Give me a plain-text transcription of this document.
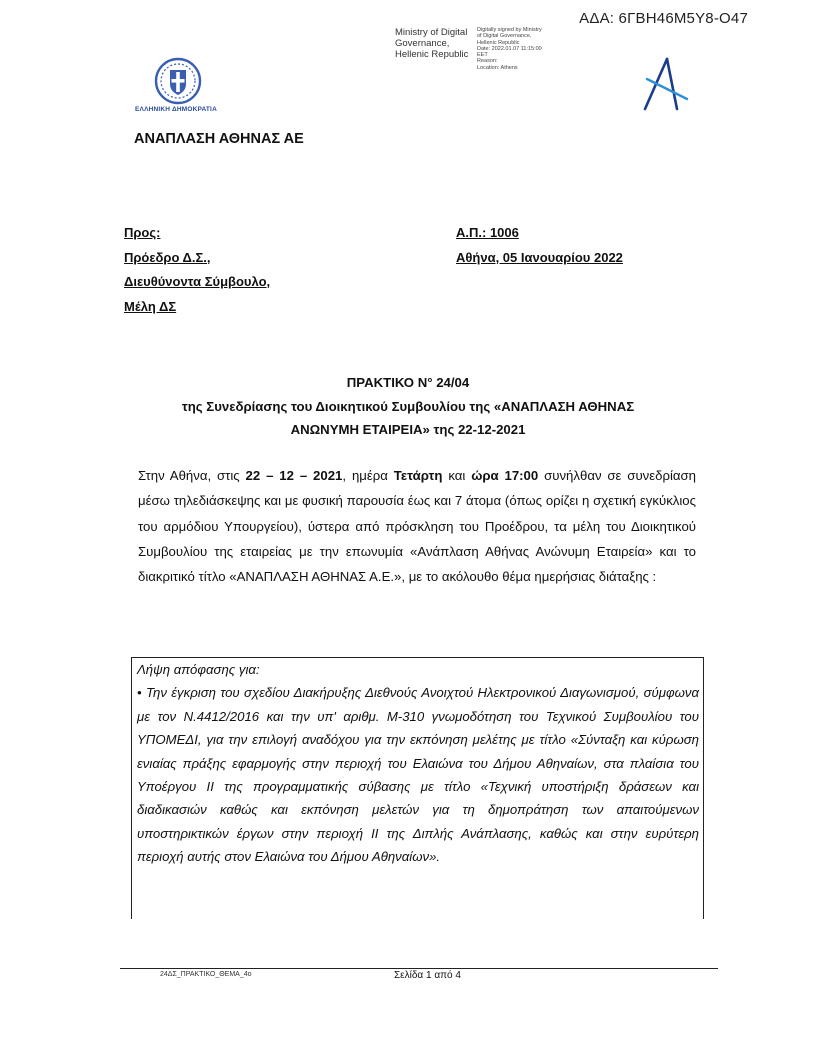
ΑΔΑ: 6ΓΒΗ46Μ5Υ8-Ο47
Ministry of Digital
Governance,
Hellenic Republic
Digitally signed by Ministry
of Digital Governance,
Hellenic Republic
Date: 2022.01.07 11:15:00
EET
Reason:
Location: Athens
ΕΛΛΗΝΙΚΗ ΔΗΜΟΚΡΑΤΙΑ
ΑΝΑΠΛΑΣΗ ΑΘΗΝΑΣ ΑΕ
Προς:
Πρόεδρο Δ.Σ.,
Διευθύνοντα Σύμβουλο,
Μέλη ΔΣ
Α.Π.: 1006
Αθήνα, 05 Ιανουαρίου 2022
ΠΡΑΚΤΙΚΟ Ν° 24/04
της Συνεδρίασης του Διοικητικού Συμβουλίου της «ΑΝΑΠΛΑΣΗ ΑΘΗΝΑΣ
ΑΝΩΝΥΜΗ ΕΤΑΙΡΕΙΑ» της 22-12-2021
Στην Αθήνα, στις 22 – 12 – 2021, ημέρα Τετάρτη και ώρα 17:00 συνήλθαν σε συνεδρίαση μέσω τηλεδιάσκεψης και με φυσική παρουσία έως και 7 άτομα (όπως ορίζει η σχετική εγκύκλιος του αρμόδιου Υπουργείου), ύστερα από πρόσκληση του Προέδρου, τα μέλη του Διοικητικού Συμβουλίου της εταιρείας με την επωνυμία «Ανάπλαση Αθήνας Ανώνυμη Εταιρεία» και το διακριτικό τίτλο «ΑΝΑΠΛΑΣΗ ΑΘΗΝΑΣ Α.Ε.», με το ακόλουθο θέμα ημερήσιας διάταξης :
Λήψη απόφασης για:
• Την έγκριση του σχεδίου Διακήρυξης Διεθνούς Ανοιχτού Ηλεκτρονικού Διαγωνισμού, σύμφωνα με τον Ν.4412/2016 και την υπ' αριθμ. Μ-310 γνωμοδότηση του Τεχνικού Συμβουλίου του ΥΠΟΜΕΔΙ, για την επιλογή αναδόχου για την εκπόνηση μελέτης με τίτλο «Σύνταξη και κύρωση ενιαίας πράξης εφαρμογής στην περιοχή του Ελαιώνα του Δήμου Αθηναίων, στα πλαίσια του Υποέργου ΙΙ της προγραμματικής σύβασης με τίτλο «Τεχνική υποστήριξη δράσεων και διαδικασιών καθώς και εκπόνηση μελετών για τη δημοπράτηση των απαιτούμενων υποστηρικτικών έργων στην περιοχή ΙΙ της Διπλής Ανάπλασης, καθώς και στην ευρύτερη περιοχή αυτής στον Ελαιώνα του Δήμου Αθηναίων».
24ΔΣ_ΠΡΑΚΤΙΚΟ_ΘΕΜΑ_4ο	Σελίδα 1 από 4
